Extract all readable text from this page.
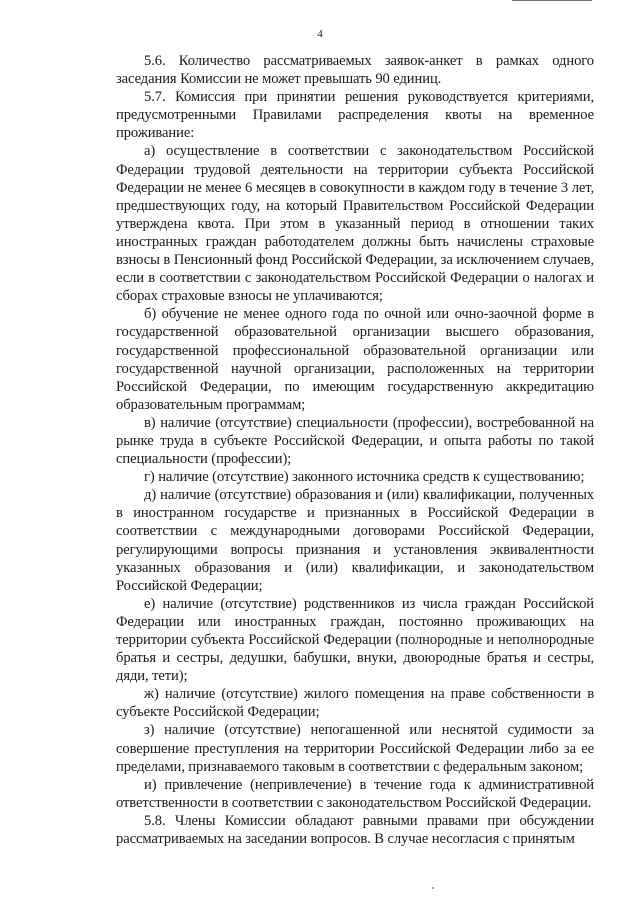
4

5.6. Количество рассматриваемых заявок-анкет в рамках одного заседания Комиссии не может превышать 90 единиц.

5.7. Комиссия при принятии решения руководствуется критериями, предусмотренными Правилами распределения квоты на временное проживание:

а) осуществление в соответствии с законодательством Российской Федерации трудовой деятельности на территории субъекта Российской Федерации не менее 6 месяцев в совокупности в каждом году в течение 3 лет, предшествующих году, на который Правительством Российской Федерации утверждена квота. При этом в указанный период в отношении таких иностранных граждан работодателем должны быть начислены страховые взносы в Пенсионный фонд Российской Федерации, за исключением случаев, если в соответствии с законодательством Российской Федерации о налогах и сборах страховые взносы не уплачиваются;

б) обучение не менее одного года по очной или очно-заочной форме в государственной образовательной организации высшего образования, государственной профессиональной образовательной организации или государственной научной организации, расположенных на территории Российской Федерации, по имеющим государственную аккредитацию образовательным программам;

в) наличие (отсутствие) специальности (профессии), востребованной на рынке труда в субъекте Российской Федерации, и опыта работы по такой специальности (профессии);

г) наличие (отсутствие) законного источника средств к существованию;

д) наличие (отсутствие) образования и (или) квалификации, полученных в иностранном государстве и признанных в Российской Федерации в соответствии с международными договорами Российской Федерации, регулирующими вопросы признания и установления эквивалентности указанных образования и (или) квалификации, и законодательством Российской Федерации;

е) наличие (отсутствие) родственников из числа граждан Российской Федерации или иностранных граждан, постоянно проживающих на территории субъекта Российской Федерации (полнородные и неполнородные братья и сестры, дедушки, бабушки, внуки, двоюродные братья и сестры, дяди, тети);

ж) наличие (отсутствие) жилого помещения на праве собственности в субъекте Российской Федерации;

з) наличие (отсутствие) непогашенной или неснятой судимости за совершение преступления на территории Российской Федерации либо за ее пределами, признаваемого таковым в соответствии с федеральным законом;

и) привлечение (непривлечение) в течение года к административной ответственности в соответствии с законодательством Российской Федерации.

5.8. Члены Комиссии обладают равными правами при обсуждении рассматриваемых на заседании вопросов. В случае несогласия с принятым
